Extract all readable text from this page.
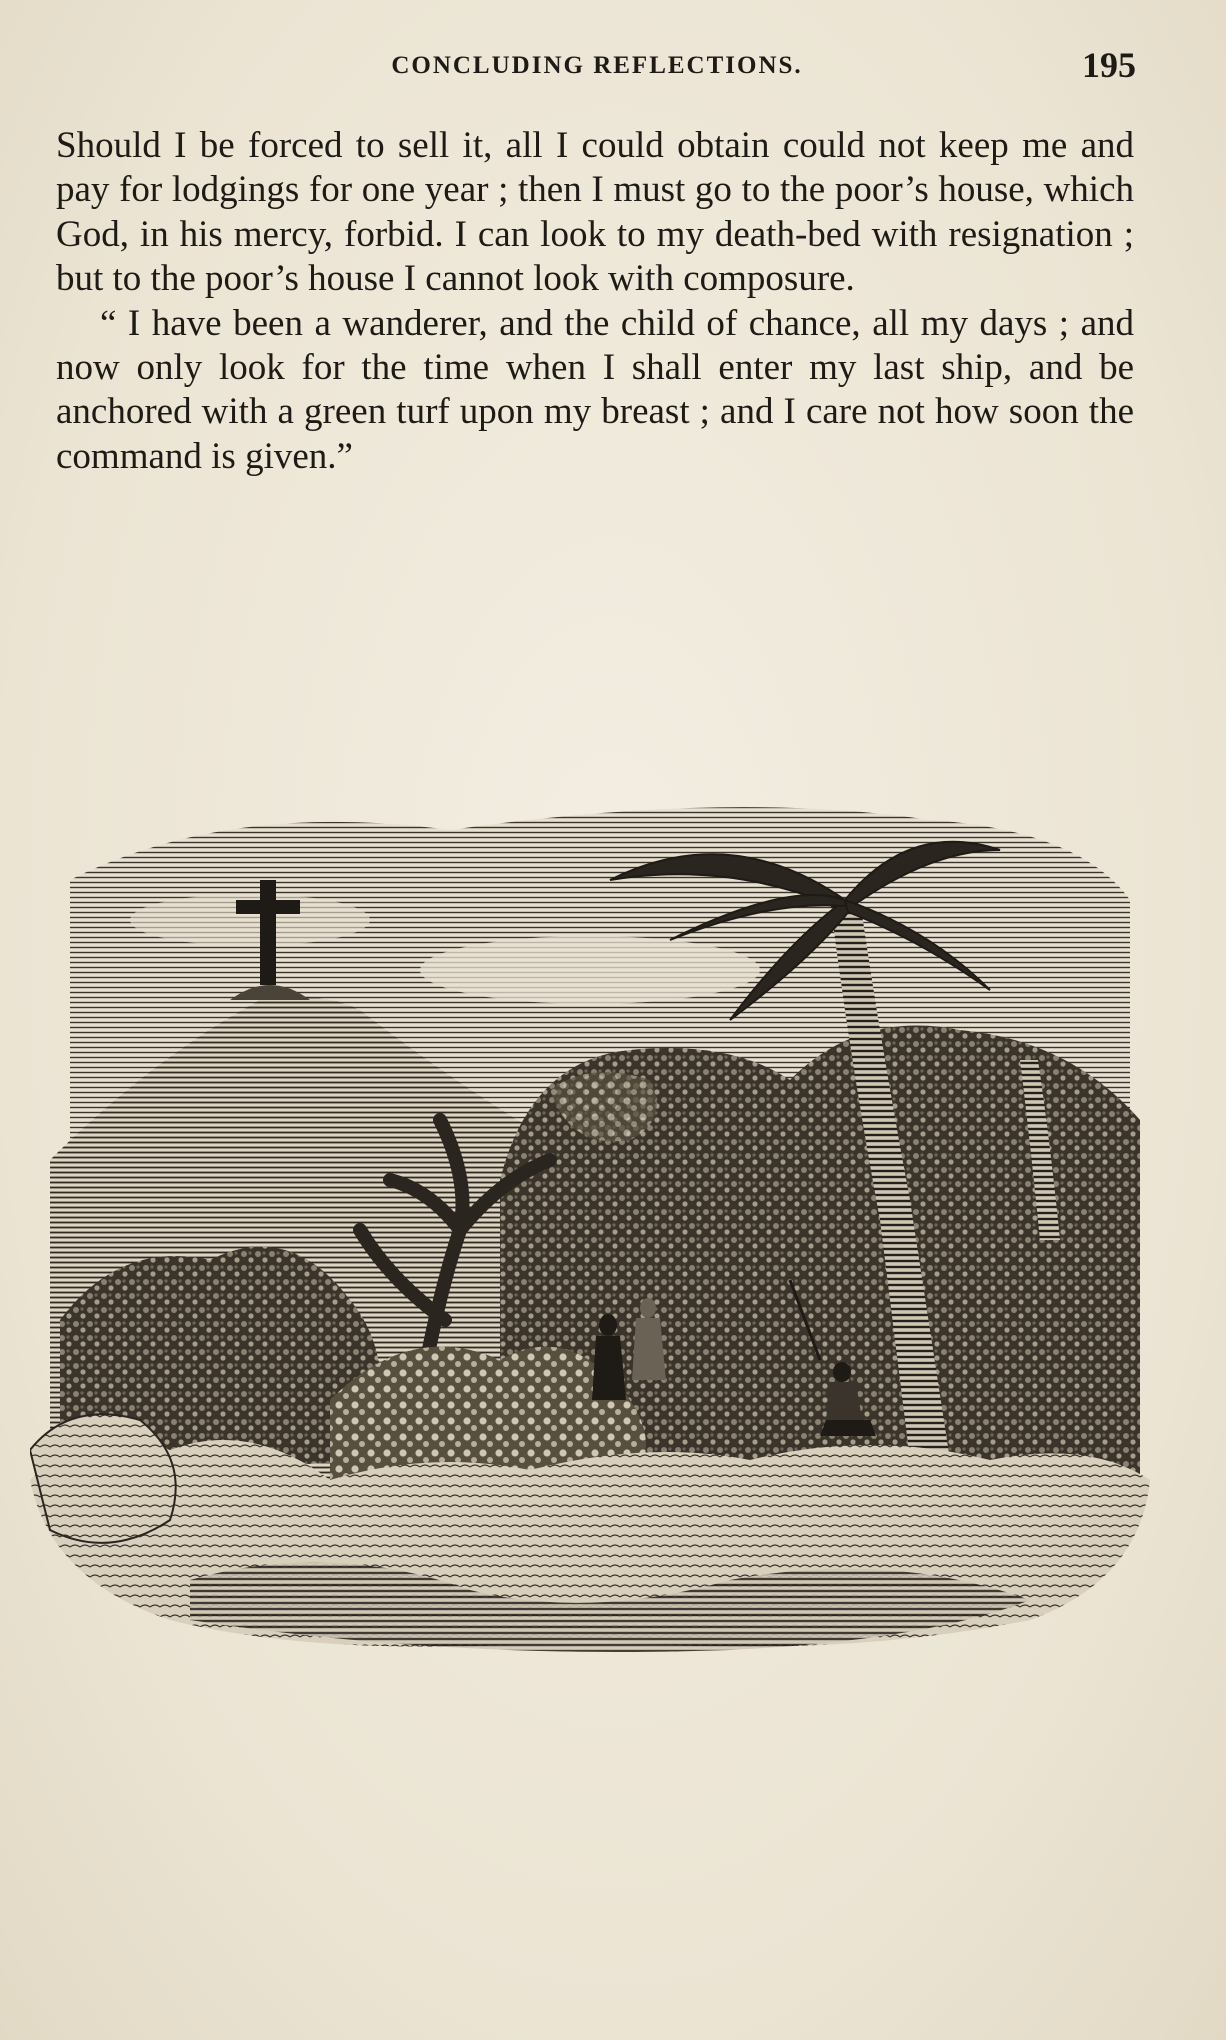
CONCLUDING REFLECTIONS.	195

Should I be forced to sell it, all I could obtain could not keep me and pay for lodgings for one year ; then I must go to the poor’s house, which God, in his mercy, forbid. I can look to my death-bed with resignation ; but to the poor’s house I cannot look with composure.

“ I have been a wanderer, and the child of chance, all my days ; and now only look for the time when I shall enter my last ship, and be anchored with a green turf upon my breast ; and I care not how soon the command is given.”
